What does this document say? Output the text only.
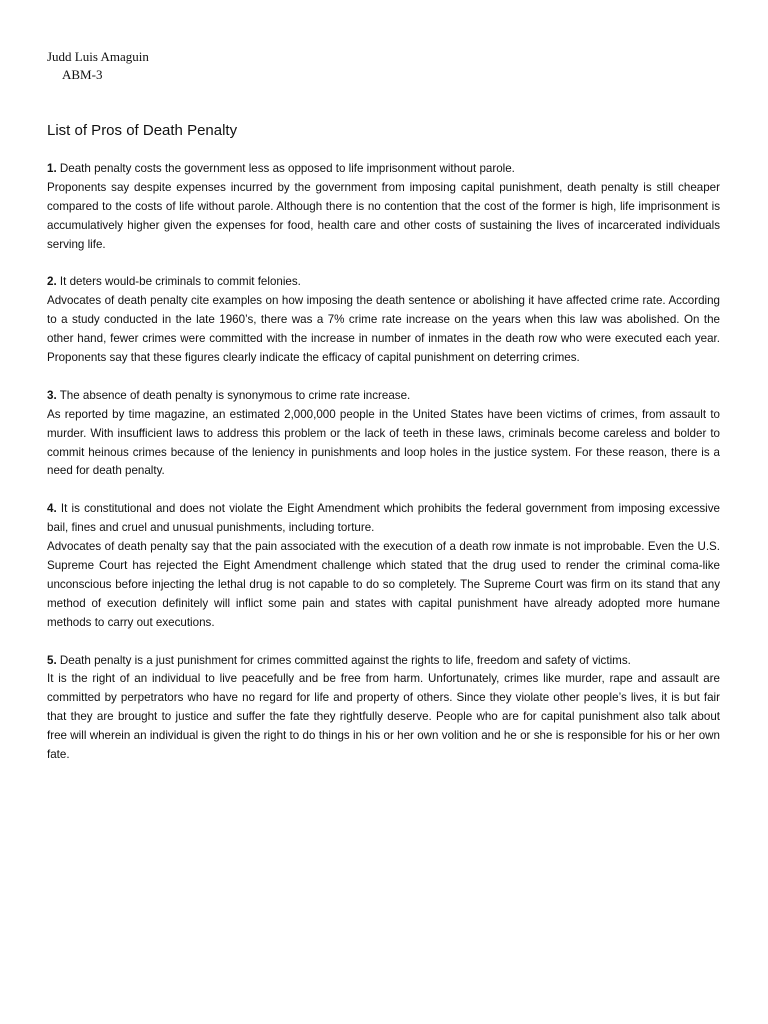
Judd Luis Amaguin
ABM-3
List of Pros of Death Penalty

1. Death penalty costs the government less as opposed to life imprisonment without parole.

Proponents say despite expenses incurred by the government from imposing capital punishment, death penalty is still cheaper compared to the costs of life without parole. Although there is no contention that the cost of the former is high, life imprisonment is accumulatively higher given the expenses for food, health care and other costs of sustaining the lives of incarcerated individuals serving life.

2. It deters would-be criminals to commit felonies.

Advocates of death penalty cite examples on how imposing the death sentence or abolishing it have affected crime rate. According to a study conducted in the late 1960’s, there was a 7% crime rate increase on the years when this law was abolished. On the other hand, fewer crimes were committed with the increase in number of inmates in the death row who were executed each year. Proponents say that these figures clearly indicate the efficacy of capital punishment on deterring crimes.

3. The absence of death penalty is synonymous to crime rate increase.

As reported by time magazine, an estimated 2,000,000 people in the United States have been victims of crimes, from assault to murder. With insufficient laws to address this problem or the lack of teeth in these laws, criminals become careless and bolder to commit heinous crimes because of the leniency in punishments and loop holes in the justice system. For these reason, there is a need for death penalty.

4. It is constitutional and does not violate the Eight Amendment which prohibits the federal government from imposing excessive bail, fines and cruel and unusual punishments, including torture.

Advocates of death penalty say that the pain associated with the execution of a death row inmate is not improbable. Even the U.S. Supreme Court has rejected the Eight Amendment challenge which stated that the drug used to render the criminal coma-like unconscious before injecting the lethal drug is not capable to do so completely. The Supreme Court was firm on its stand that any method of execution definitely will inflict some pain and states with capital punishment have already adopted more humane methods to carry out executions.

5. Death penalty is a just punishment for crimes committed against the rights to life, freedom and safety of victims.

It is the right of an individual to live peacefully and be free from harm. Unfortunately, crimes like murder, rape and assault are committed by perpetrators who have no regard for life and property of others. Since they violate other people’s lives, it is but fair that they are brought to justice and suffer the fate they rightfully deserve. People who are for capital punishment also talk about free will wherein an individual is given the right to do things in his or her own volition and he or she is responsible for his or her own fate.
